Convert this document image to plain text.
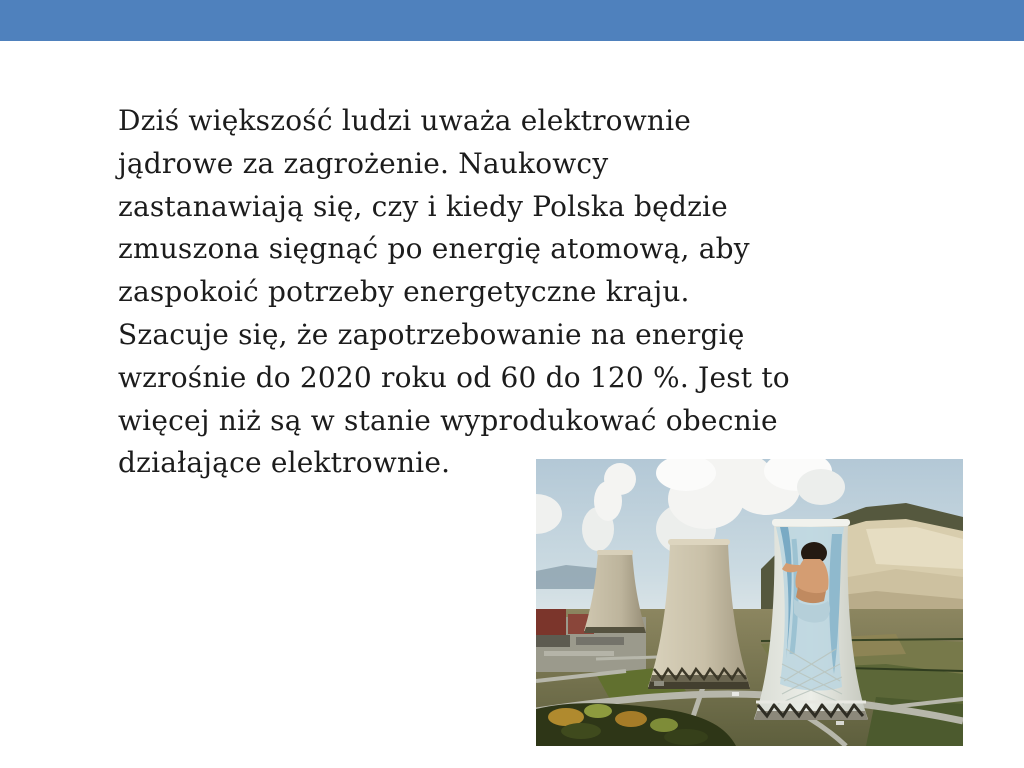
Dziś większość ludzi uważa elektrownie
jądrowe za zagrożenie. Naukowcy
zastanawiają się, czy i kiedy Polska będzie
zmuszona sięgnąć po energię atomową, aby
zaspokoić potrzeby energetyczne kraju.
Szacuje się, że zapotrzebowanie na energię
wzrośnie do 2020 roku od 60 do 120 %. Jest to
więcej niż są w stanie wyprodukować obecnie
działające elektrownie.
